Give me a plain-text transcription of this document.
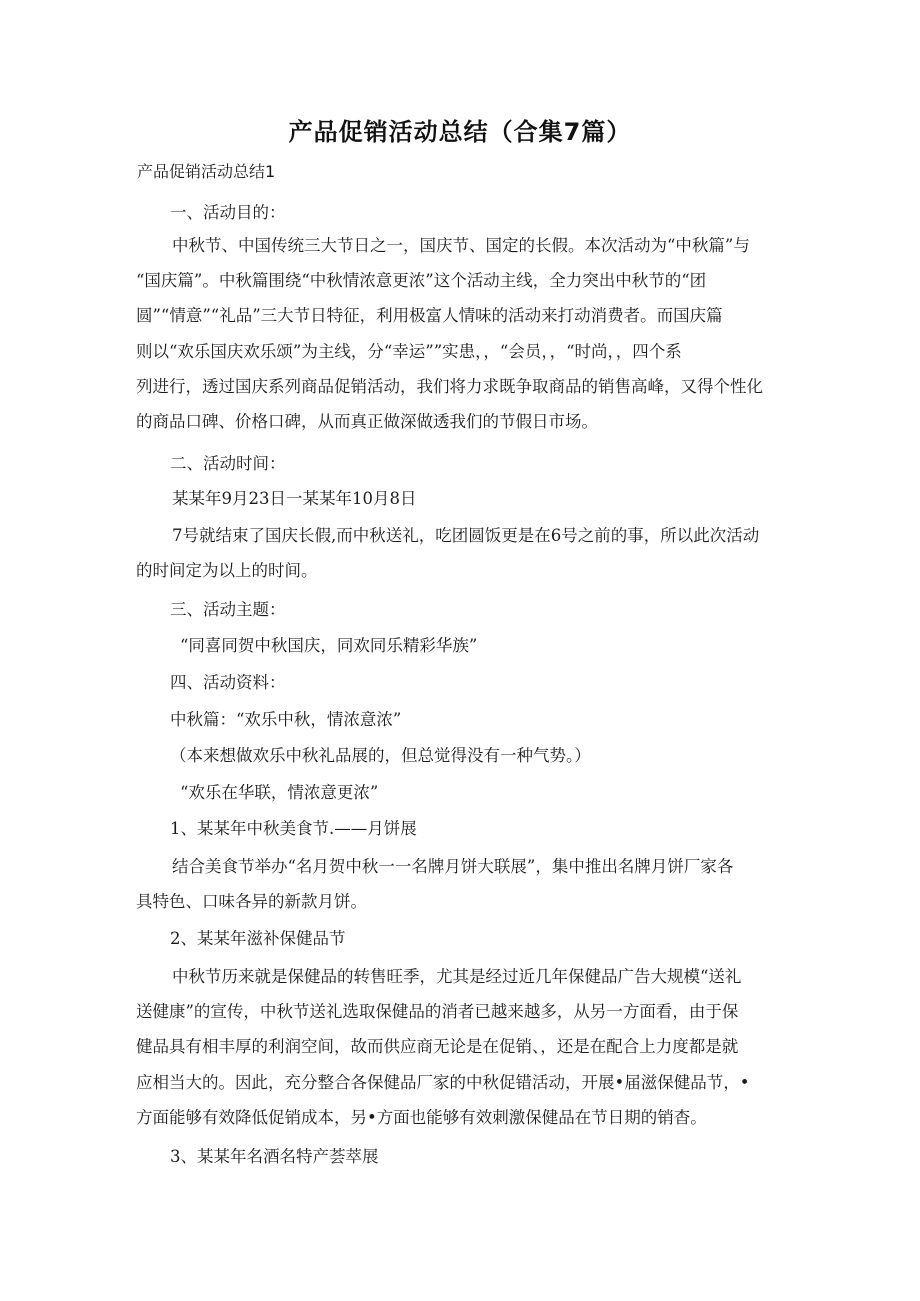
产品促销活动总结（合集7篇）
产品促销活动总结1
一、活动目的：
中秋节、中国传统三大节日之一，国庆节、国定的长假。本次活动为“中秋篇”与
“国庆篇”。中秋篇围绕“中秋情浓意更浓”这个活动主线，全力突出中秋节的“团
圆”“情意”“礼品”三大节日特征，利用极富人情味的活动来打动消费者。而国庆篇
则以“欢乐国庆欢乐颂”为主线，分“幸运””实患，，“会员，，“时尚，，四个系
列进行，透过国庆系列商品促销活动，我们将力求既争取商品的销售高峰，又得个性化
的商品口碑、价格口碑，从而真正做深做透我们的节假日市场。
二、活动时间：
某某年9月23日一某某年10月8日
7号就结束了国庆长假,而中秋送礼，吃团圆饭更是在6号之前的事，所以此次活动
的时间定为以上的时间。
三、活动主题：
“同喜同贺中秋国庆，同欢同乐精彩华族”
四、活动资料：
中秋篇：“欢乐中秋，情浓意浓”
（本来想做欢乐中秋礼品展的，但总觉得没有一种气势。）
“欢乐在华联，情浓意更浓”
1、某某年中秋美食节.——月饼展
结合美食节举办“名月贺中秋一一名牌月饼大联展”，集中推出名牌月饼厂家各
具特色、口味各异的新款月饼。
2、某某年滋补保健品节
中秋节历来就是保健品的转售旺季，尤其是经过近几年保健品广告大规模“送礼
送健康”的宣传，中秋节送礼选取保健品的消者已越来越多，从另一方面看，由于保
健品具有相丰厚的利润空间，故而供应商无论是在促销、，还是在配合上力度都是就
应相当大的。因此，充分整合各保健品厂家的中秋促错活动，开展•届滋保健品节，•
方面能够有效降低促销成本，另•方面也能够有效刺激保健品在节日期的销杳。
3、某某年名酒名特产荟萃展
